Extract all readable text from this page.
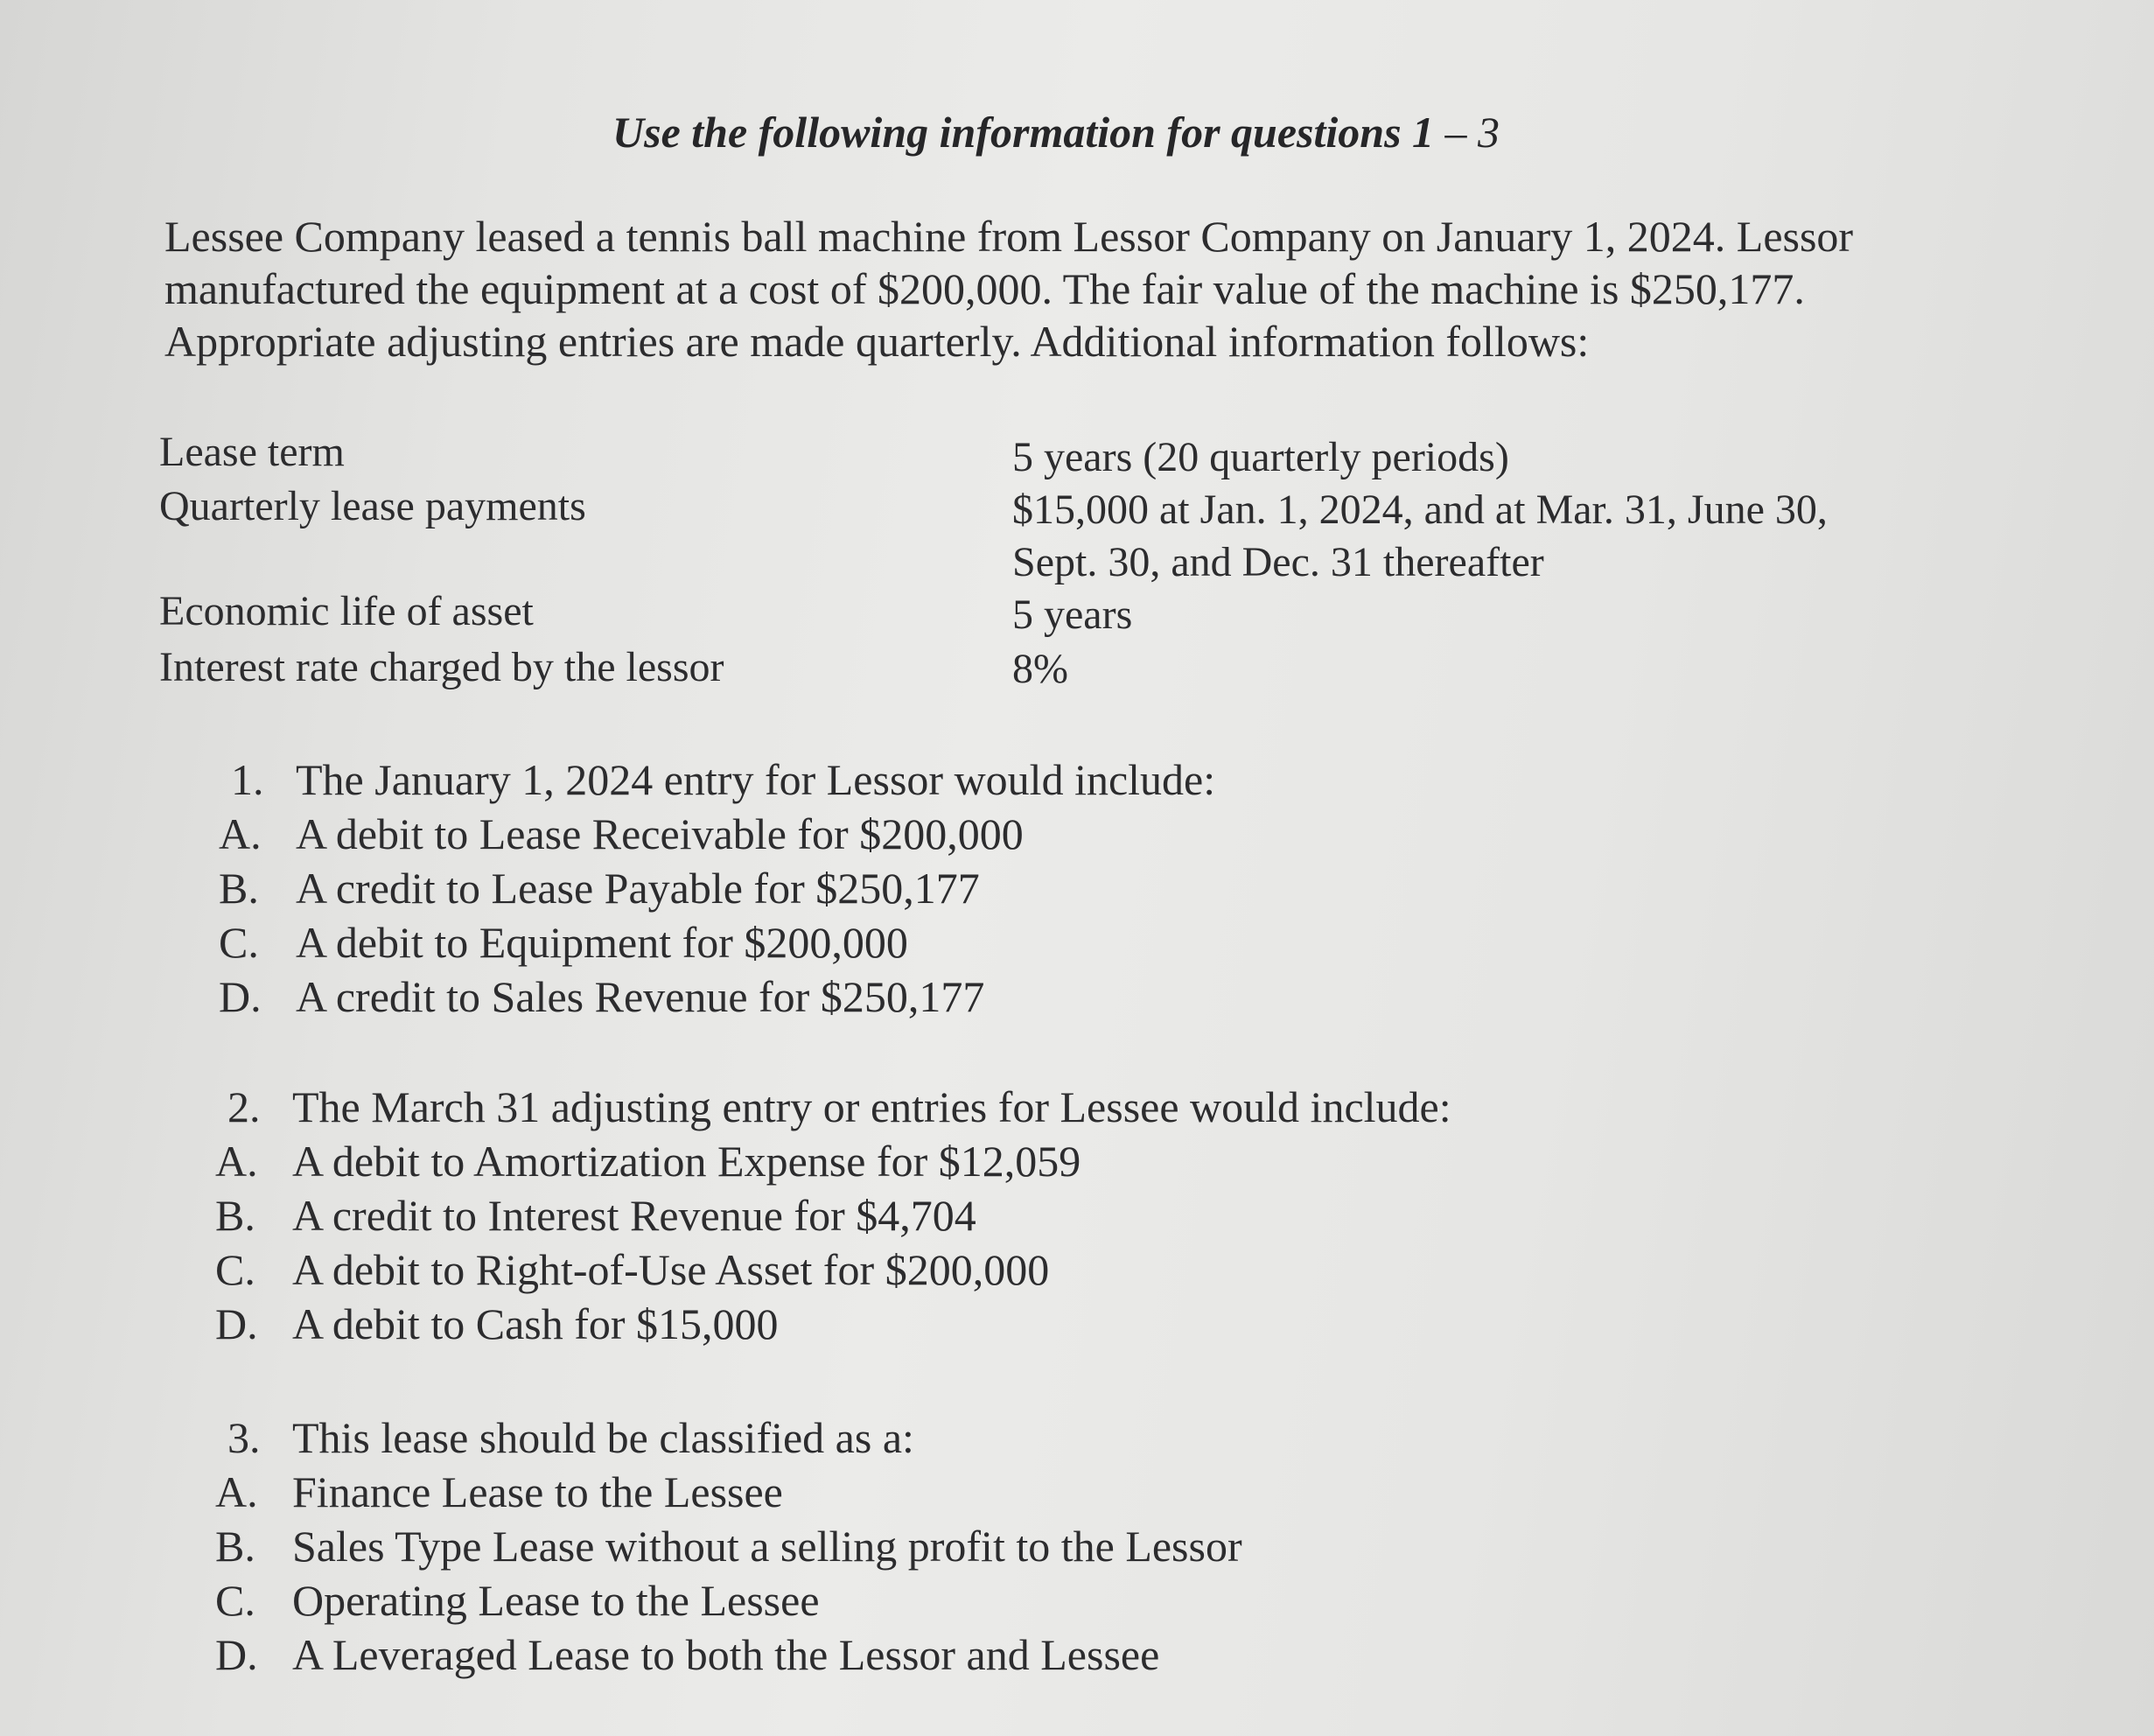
Use the following information for questions 1 – 3
Lessee Company leased a tennis ball machine from Lessor Company on January 1, 2024. Lessor
manufactured the equipment at a cost of $200,000. The fair value of the machine is $250,177.
Appropriate adjusting entries are made quarterly. Additional information follows:
Lease term	5 years (20 quarterly periods)
Quarterly lease payments	$15,000 at Jan. 1, 2024, and at Mar. 31, June 30,
Sept. 30, and Dec. 31 thereafter
Economic life of asset	5 years
Interest rate charged by the lessor	8%
1. The January 1, 2024 entry for Lessor would include:
A. A debit to Lease Receivable for $200,000
B. A credit to Lease Payable for $250,177
C. A debit to Equipment for $200,000
D. A credit to Sales Revenue for $250,177
2. The March 31 adjusting entry or entries for Lessee would include:
A. A debit to Amortization Expense for $12,059
B. A credit to Interest Revenue for $4,704
C. A debit to Right-of-Use Asset for $200,000
D. A debit to Cash for $15,000
3. This lease should be classified as a:
A. Finance Lease to the Lessee
B. Sales Type Lease without a selling profit to the Lessor
C. Operating Lease to the Lessee
D. A Leveraged Lease to both the Lessor and Lessee
